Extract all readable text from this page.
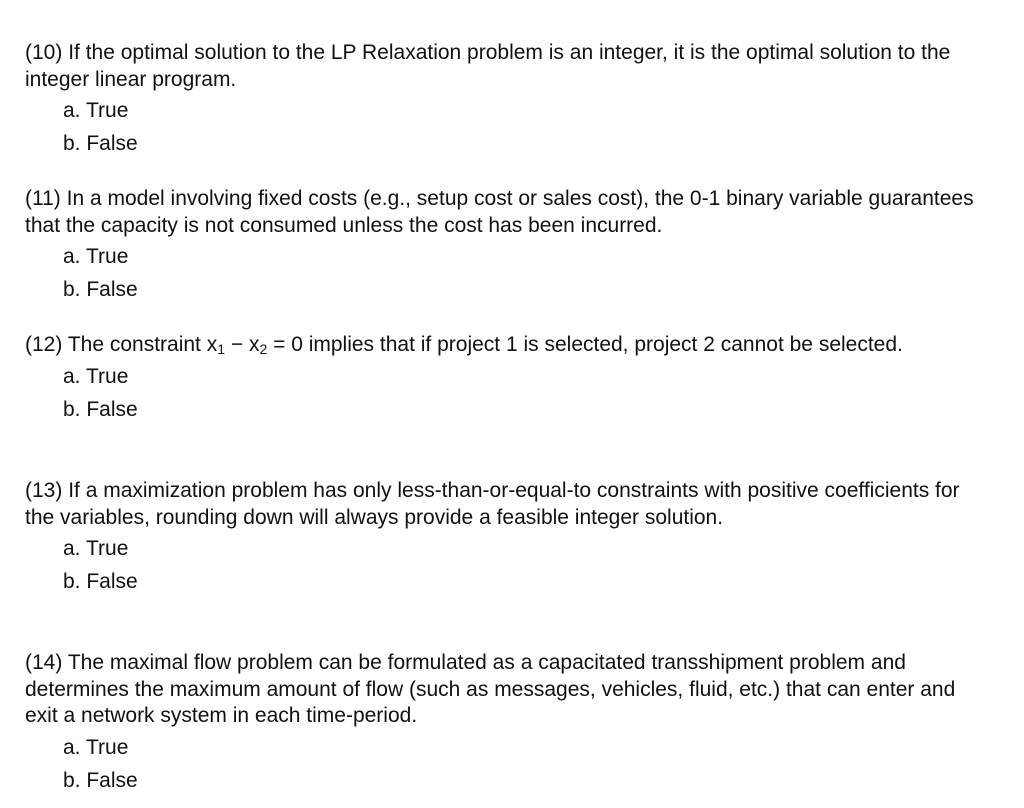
(10) If the optimal solution to the LP Relaxation problem is an integer, it is the optimal solution to the integer linear program.

a. True
b. False

(11) In a model involving fixed costs (e.g., setup cost or sales cost), the 0-1 binary variable guarantees that the capacity is not consumed unless the cost has been incurred.

a. True
b. False

(12) The constraint $x_1 - x_2 = 0$ implies that if project 1 is selected, project 2 cannot be selected.

a. True
b. False

(13) If a maximization problem has only less-than-or-equal-to constraints with positive coefficients for the variables, rounding down will always provide a feasible integer solution.

a. True
b. False

(14) The maximal flow problem can be formulated as a capacitated transshipment problem and determines the maximum amount of flow (such as messages, vehicles, fluid, etc.) that can enter and exit a network system in each time-period.

a. True
b. False
